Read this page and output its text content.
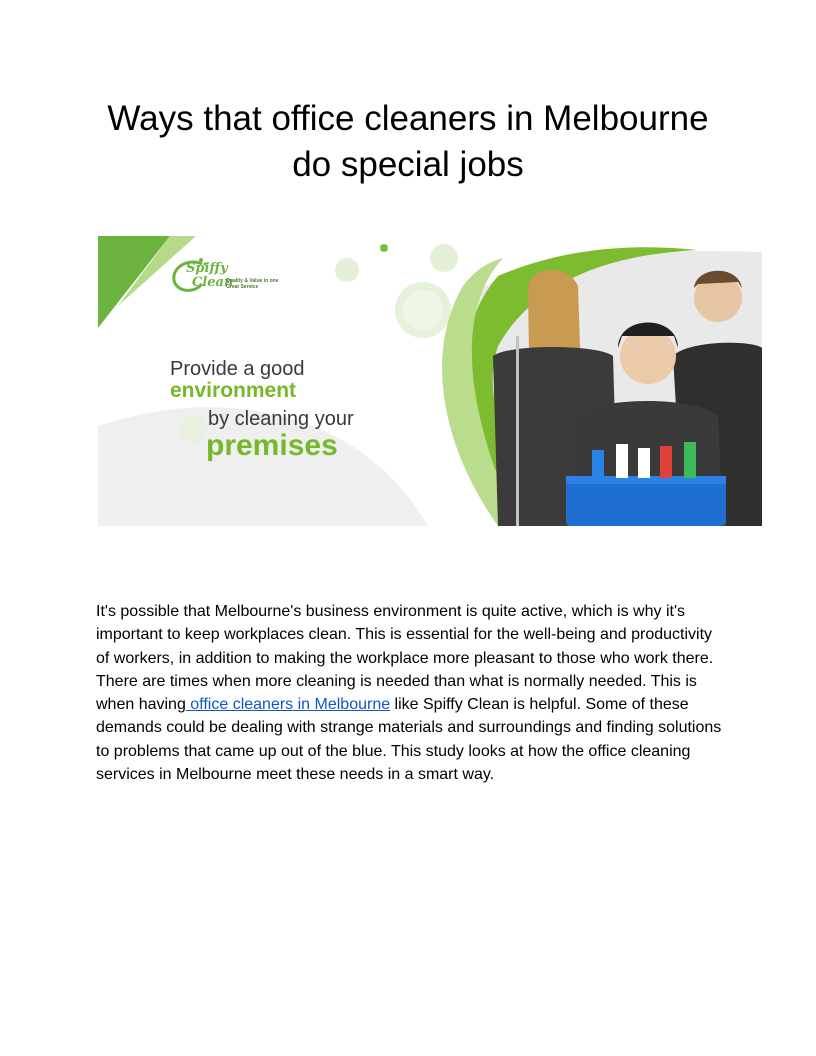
Ways that office cleaners in Melbourne
do special jobs
Spiffy
Clean
Quality & Value in one
Great Service
Provide a good
environment
by cleaning your
premises

It's possible that Melbourne's business environment is quite active, which is why it's important to keep workplaces clean. This is essential for the well-being and productivity of workers, in addition to making the workplace more pleasant to those who work there.

There are times when more cleaning is needed than what is normally needed. This is when having office cleaners in Melbourne like Spiffy Clean is helpful. Some of these demands could be dealing with strange materials and surroundings and finding solutions to problems that came up out of the blue. This study looks at how the office cleaning services in Melbourne meet these needs in a smart way.
